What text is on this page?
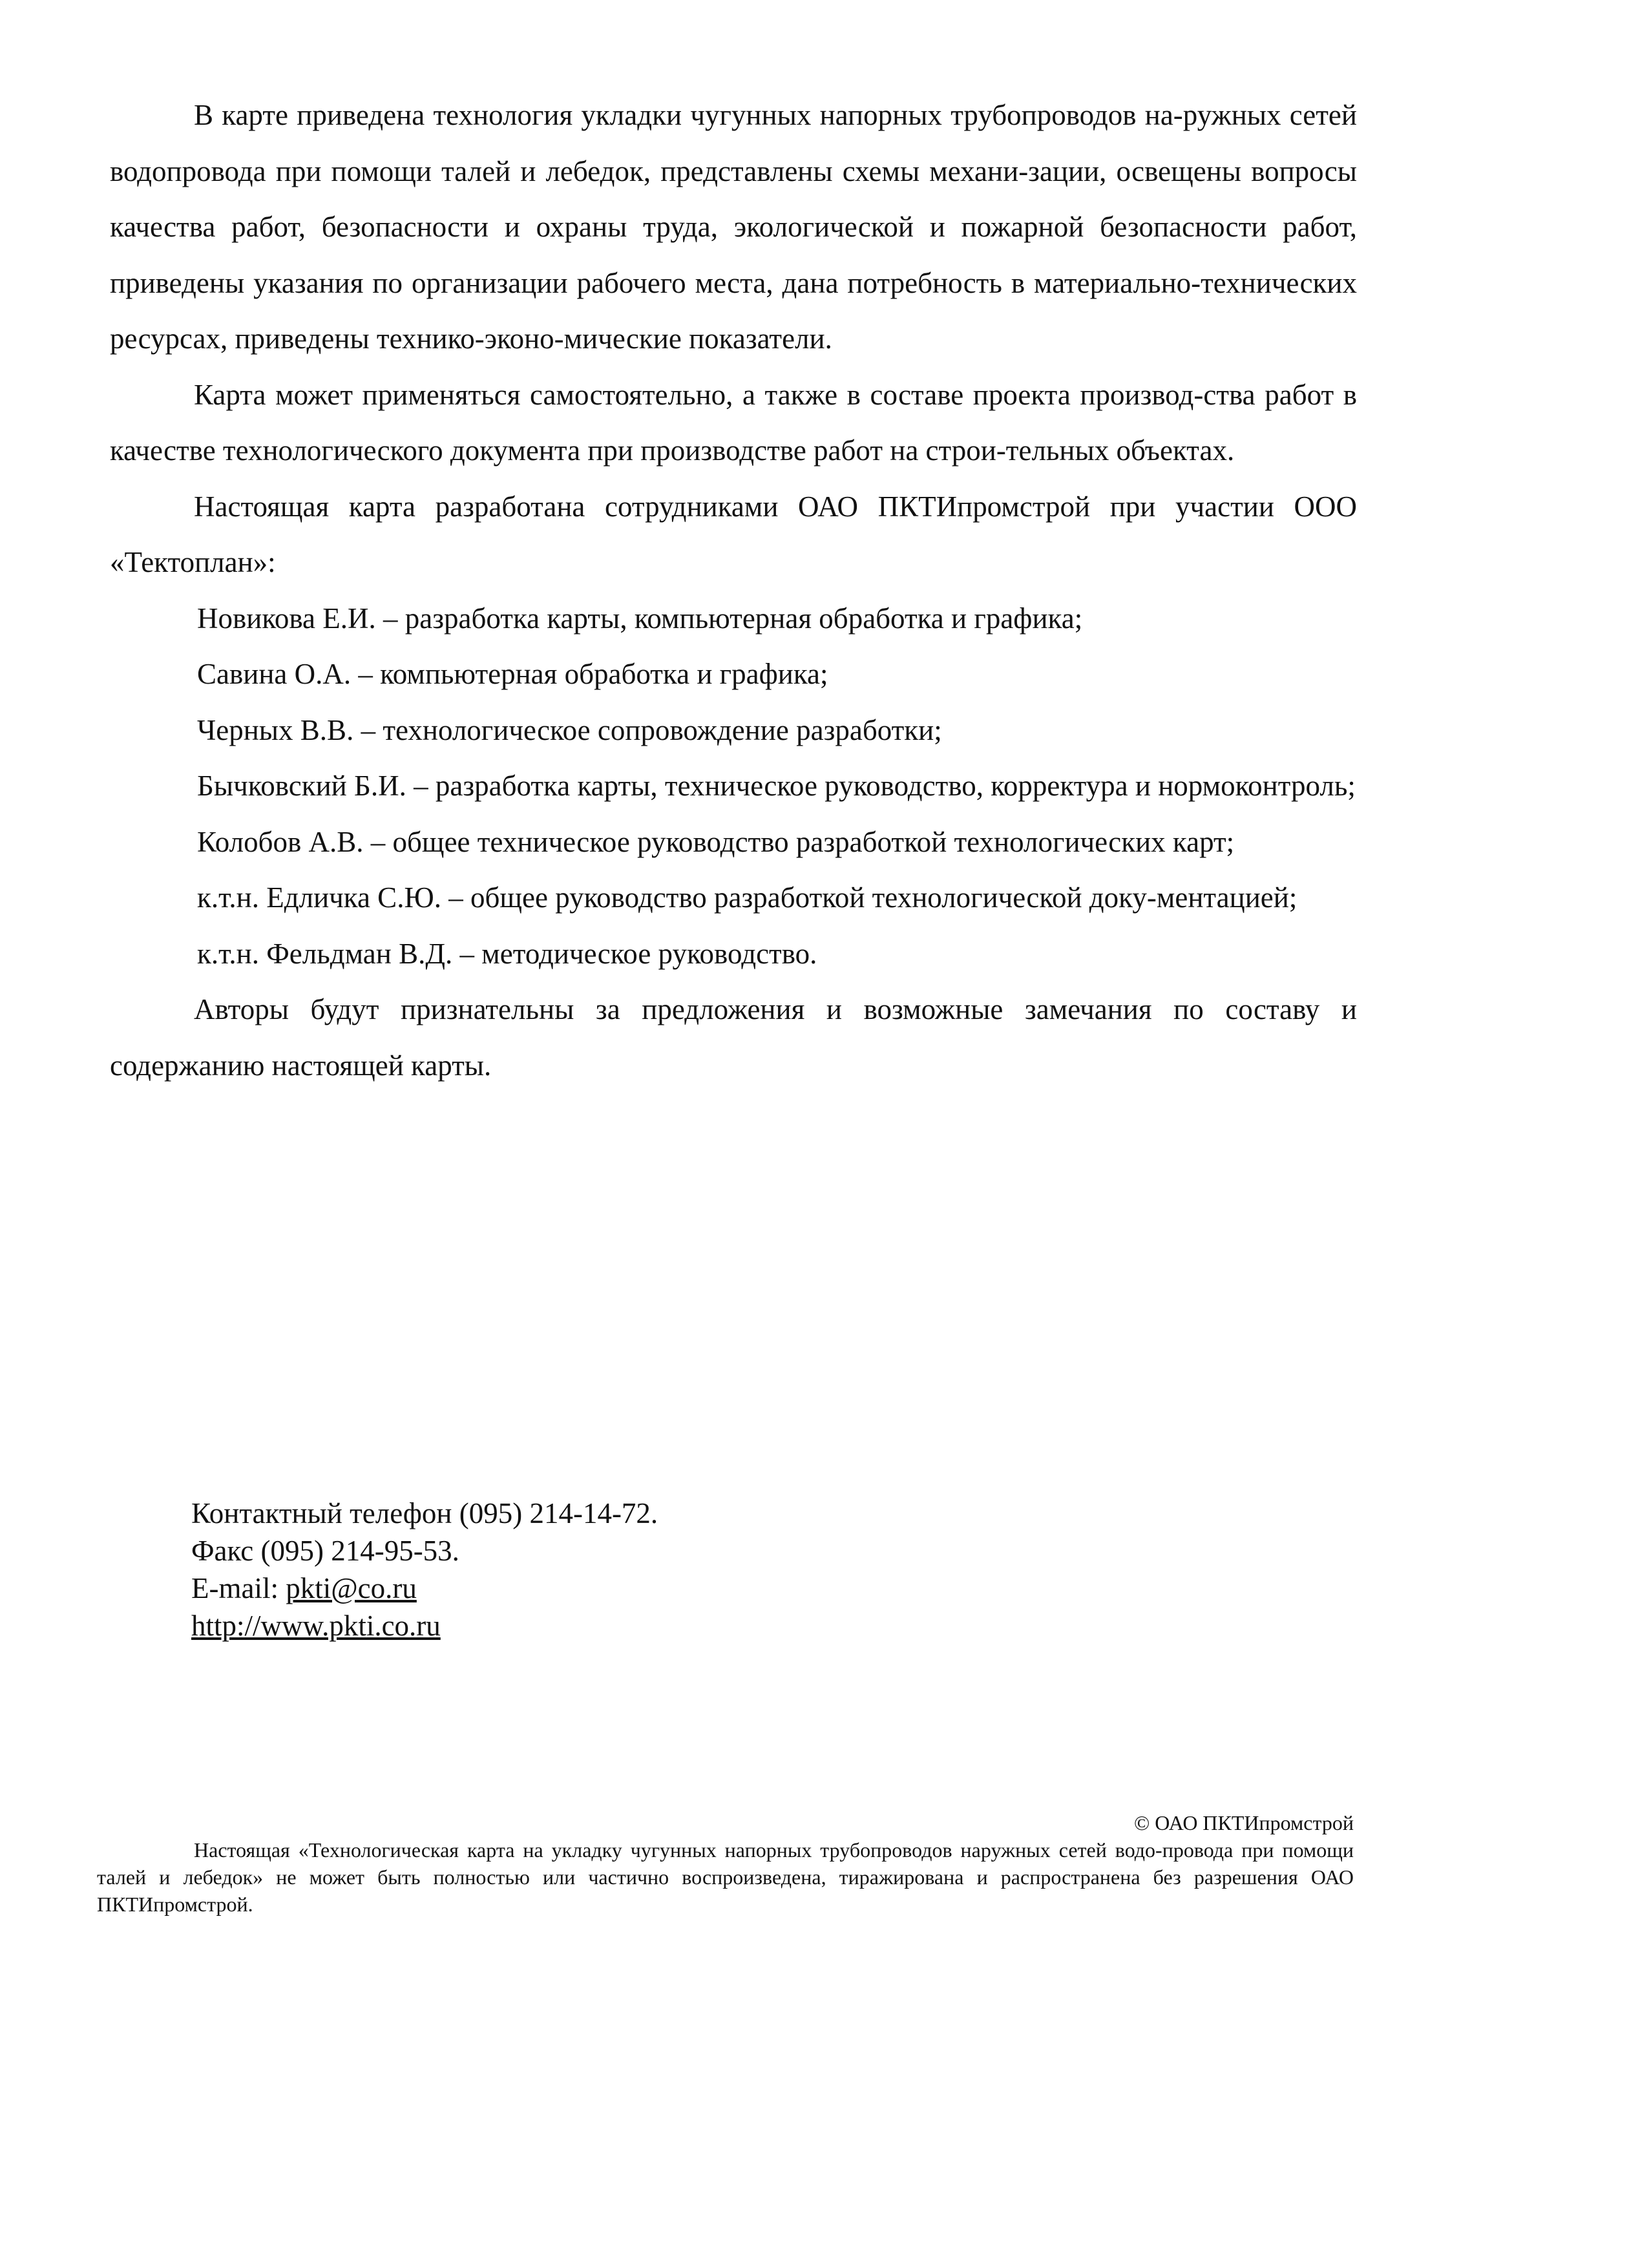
В карте приведена технология укладки чугунных напорных трубопроводов на-ружных сетей водопровода при помощи талей и лебедок, представлены схемы механи-зации, освещены вопросы качества работ, безопасности и охраны труда, экологической и пожарной безопасности работ, приведены указания по организации рабочего места, дана потребность в материально-технических ресурсах, приведены технико-эконо-мические показатели.

Карта может применяться самостоятельно, а также в составе проекта производ-ства работ в качестве технологического документа при производстве работ на строи-тельных объектах.

Настоящая карта разработана сотрудниками ОАО ПКТИпромстрой при участии ООО «Тектоплан»:

Новикова Е.И. – разработка карты, компьютерная обработка и графика;

Савина О.А. – компьютерная обработка и графика;

Черных В.В. – технологическое сопровождение разработки;

Бычковский Б.И. – разработка карты, техническое руководство, корректура и нормоконтроль;

Колобов А.В. – общее техническое руководство разработкой технологических карт;

к.т.н. Едличка С.Ю. – общее руководство разработкой технологической доку-ментацией;

к.т.н. Фельдман В.Д. – методическое руководство.

Авторы будут признательны за предложения и возможные замечания по составу и содержанию настоящей карты.

Контактный телефон (095) 214-14-72.
Факс (095) 214-95-53.
E-mail: pkti@co.ru
http://www.pkti.co.ru

© ОАО ПКТИпромстрой

Настоящая «Технологическая карта на укладку чугунных напорных трубопроводов наружных сетей водо-провода при помощи талей и лебедок» не может быть полностью или частично воспроизведена, тиражирована и распространена без разрешения ОАО ПКТИпромстрой.
